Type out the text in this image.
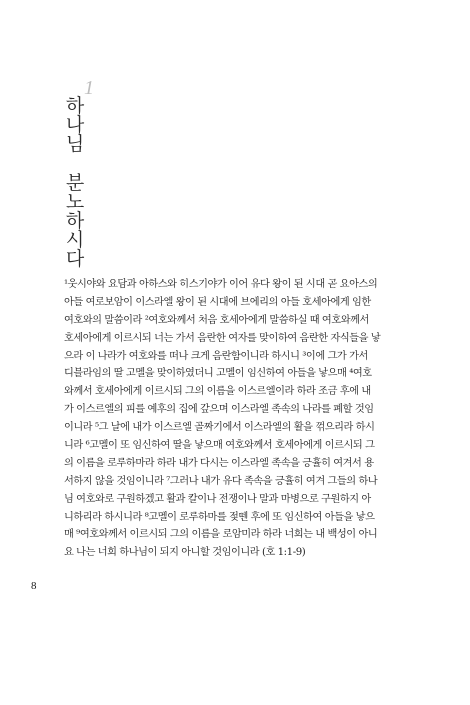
1
하
나
님
분
노
하
시
다
¹웃시야와 요담과 아하스와 히스기야가 이어 유다 왕이 된 시대 곧 요아스의
아들 여로보암이 이스라엘 왕이 된 시대에 브에리의 아들 호세아에게 임한
여호와의 말씀이라 ²여호와께서 처음 호세아에게 말씀하실 때 여호와께서
호세아에게 이르시되 너는 가서 음란한 여자를 맞이하여 음란한 자식들을 낳
으라 이 나라가 여호와를 떠나 크게 음란함이니라 하시니 ³이에 그가 가서
디블라임의 딸 고멜을 맞이하였더니 고멜이 임신하여 아들을 낳으매 ⁴여호
와께서 호세아에게 이르시되 그의 이름을 이스르엘이라 하라 조금 후에 내
가 이스르엘의 피를 예후의 집에 갚으며 이스라엘 족속의 나라를 폐할 것임
이니라 ⁵그 날에 내가 이스르엘 골짜기에서 이스라엘의 활을 꺾으리라 하시
니라 ⁶고멜이 또 임신하여 딸을 낳으매 여호와께서 호세아에게 이르시되 그
의 이름을 로루하마라 하라 내가 다시는 이스라엘 족속을 긍휼히 여겨서 용
서하지 않을 것임이니라 ⁷그러나 내가 유다 족속을 긍휼히 여겨 그들의 하나
님 여호와로 구원하겠고 활과 칼이나 전쟁이나 말과 마병으로 구원하지 아
니하리라 하시니라 ⁸고멜이 로루하마를 젖뗀 후에 또 임신하여 아들을 낳으
매 ⁹여호와께서 이르시되 그의 이름을 로암미라 하라 너희는 내 백성이 아니
요 나는 너희 하나님이 되지 아니할 것임이니라 (호 1:1-9)
8
